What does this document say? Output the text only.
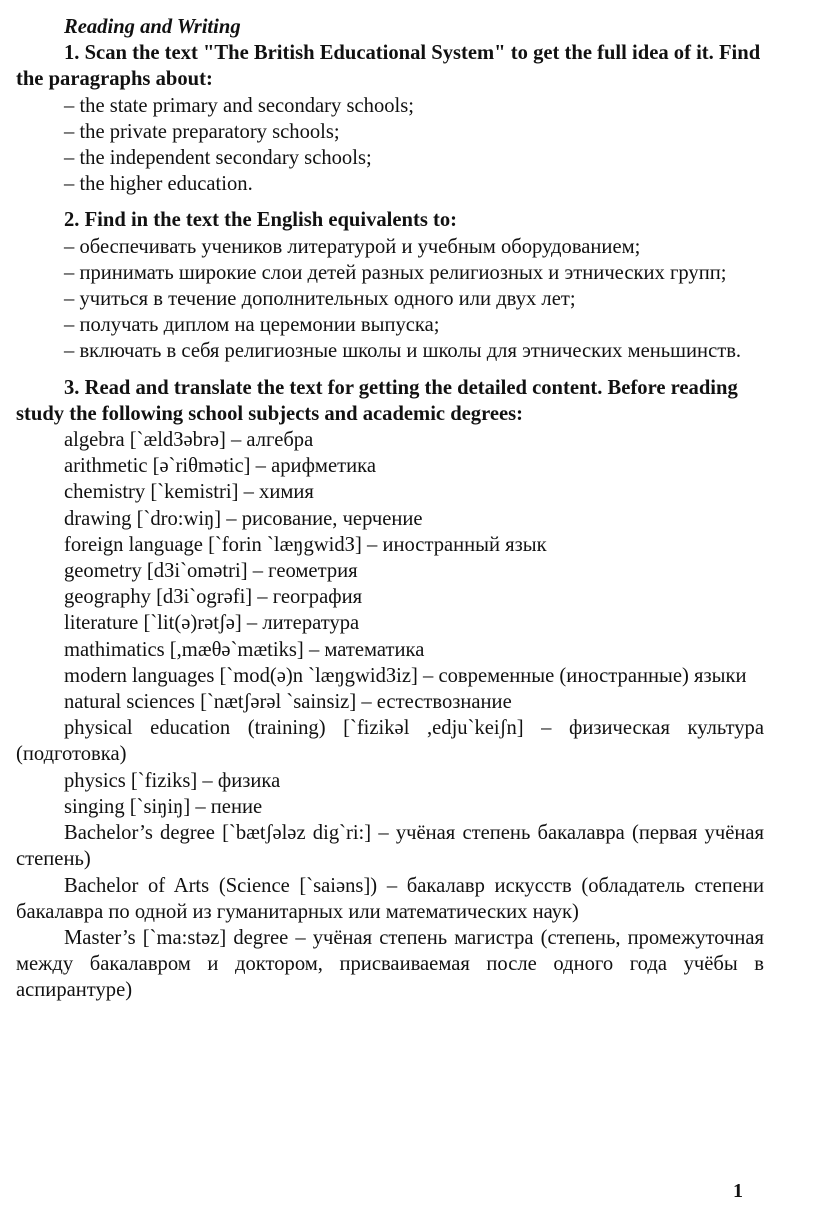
Reading and Writing

1. Scan the text "The British Educational System" to get the full idea of it. Find the paragraphs about:

– the state primary and secondary schools;
– the private preparatory schools;
– the independent secondary schools;
– the higher education.

2. Find in the text the English equivalents to:

– обеспечивать учеников литературой и учебным оборудованием;
– принимать широкие слои детей разных религиозных и этнических групп;
– учиться в течение дополнительных одного или двух лет;
– получать диплом на церемонии выпуска;
– включать в себя религиозные школы и школы для этнических меньшинств.

3. Read and translate the text for getting the detailed content. Before reading study the following school subjects and academic degrees:

algebra [`ældЗəbrə] – алгебра
arithmetic [ə`riθmətic] – арифметика
chemistry [`kemistri] – химия
drawing [`dro:wiŋ] – рисование, черчение
foreign language [`forin `læŋgwidЗ] – иностранный язык
geometry [dЗi`omətri] – геометрия
geography [dЗi`ogrəfi] – география
literature [`lit(ə)rətʃə] – литература
mathimatics [,mæθə`mætiks] – математика
modern languages [`mod(ə)n `læŋgwidЗiz] – современные (иностранные) языки
natural sciences [`nætʃərəl `sainsiz] – естествознание
physical education (training) [`fizikəl ,edju`keiʃn] – физическая культура (подготовка)
physics [`fiziks] – физика
singing [`siŋiŋ] – пение
Bachelor’s degree [`bætʃələz dig`ri:] – учёная степень бакалавра (первая учёная степень)
Bachelor of Arts (Science [`saiəns]) – бакалавр искусств (обладатель степени бакалавра по одной из гуманитарных или математических наук)
Master’s [`ma:stəz] degree – учёная степень магистра (степень, промежуточная между бакалавром и доктором, присваиваемая после одного года учёбы в аспирантуре)
1
